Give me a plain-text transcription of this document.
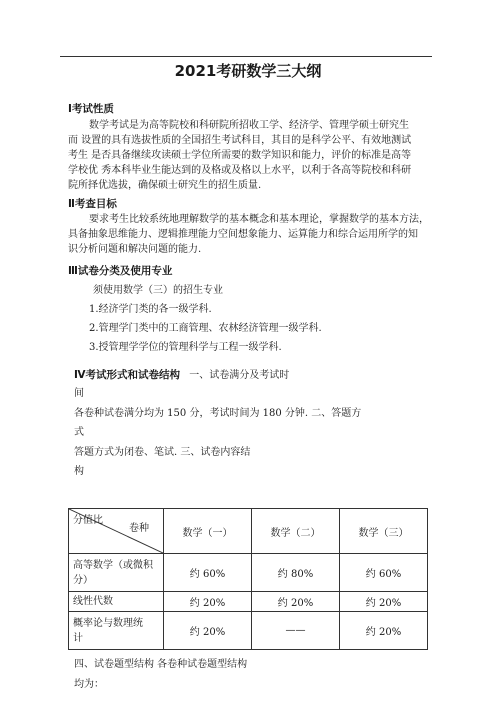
2021考研数学三大纲
Ⅰ考试性质
数学考试是为高等院校和科研院所招收工学、经济学、管理学硕士研究生
而 设置的具有选拔性质的全国招生考试科目，其目的是科学公平、有效地测试
考生 是否具备继续攻读硕士学位所需要的数学知识和能力，评价的标准是高等
学校优 秀本科毕业生能达到的及格或及格以上水平，以利于各高等院校和科研
院所择优选拔，确保硕士研究生的招生质量.
Ⅱ考查目标
要求考生比较系统地理解数学的基本概念和基本理论，掌握数学的基本方法，
具备抽象思维能力、逻辑推理能力空间想象能力、运算能力和综合运用所学的知
识分析问题和解决问题的能力.
Ⅲ试卷分类及使用专业
须使用数学（三）的招生专业
1.经济学门类的各一级学科.
2.管理学门类中的工商管理、农林经济管理一级学科.
3.授管理学学位的管理科学与工程一级学科.
Ⅳ考试形式和试卷结构 一、试卷满分及考试时
间
各卷种试卷满分均为 150 分，考试时间为 180 分钟. 二、答题方
式
答题方式为闭卷、笔试. 三、试卷内容结
构
分值比
卷种	数学（一）	数学（二）	数学（三）

高等数学（或微积
分）	约 60%	约 80%	约 60%
线性代数	约 20%	约 20%	约 20%

概率论与数理统
计	约 20%	——	约 20%
四、试卷题型结构 各卷种试卷题型结构
均为：
